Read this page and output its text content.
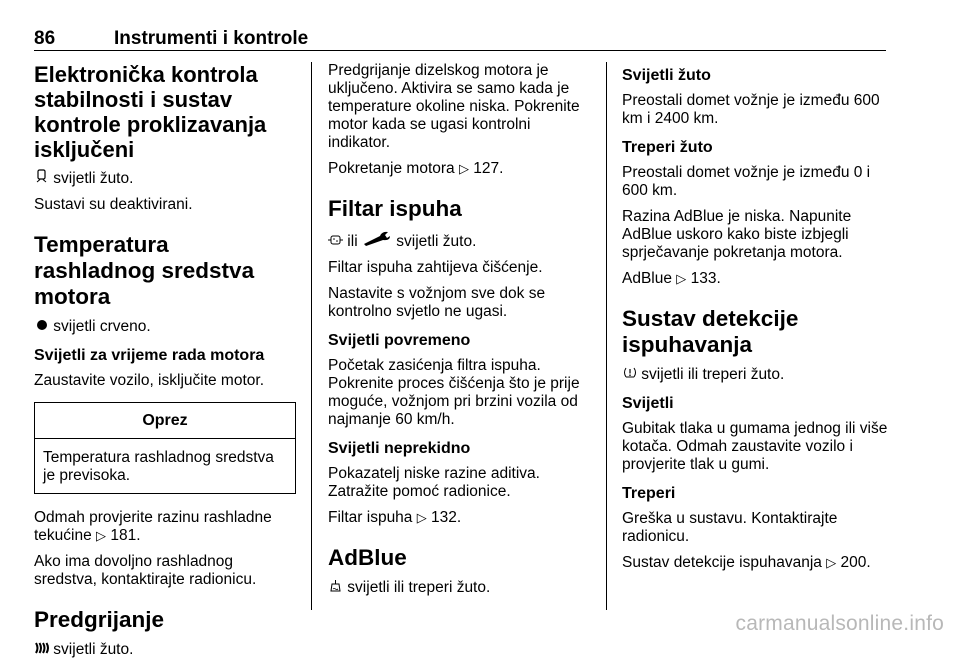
86	Instrumenti i kontrole
Elektronička kontrola stabilnosti i sustav kontrole proklizavanja isključeni

svijetli žuto.

Sustavi su deaktivirani.

Temperatura rashladnog sredstva motora

svijetli crveno.

Svijetli za vrijeme rada motora

Zaustavite vozilo, isključite motor.

Oprez
Temperatura rashladnog sredstva je previsoka.

Odmah provjerite razinu rashladne tekućine ▷ 181.

Ako ima dovoljno rashladnog sredstva, kontaktirajte radionicu.

Predgrijanje

svijetli žuto.

Predgrijanje dizelskog motora je uključeno. Aktivira se samo kada je temperature okoline niska. Pokrenite motor kada se ugasi kontrolni indikator.

Pokretanje motora ▷ 127.

Filtar ispuha

ili  svijetli žuto.

Filtar ispuha zahtijeva čišćenje.

Nastavite s vožnjom sve dok se kontrolno svjetlo ne ugasi.

Svijetli povremeno

Početak zasićenja filtra ispuha. Pokrenite proces čišćenja što je prije moguće, vožnjom pri brzini vozila od najmanje 60 km/h.

Svijetli neprekidno

Pokazatelj niske razine aditiva. Zatražite pomoć radionice.

Filtar ispuha ▷ 132.

AdBlue

svijetli ili treperi žuto.

Svijetli žuto

Preostali domet vožnje je između 600 km i 2400 km.

Treperi žuto

Preostali domet vožnje je između 0 i 600 km.

Razina AdBlue je niska. Napunite AdBlue uskoro kako biste izbjegli sprječavanje pokretanja motora.

AdBlue ▷ 133.

Sustav detekcije ispuhavanja

svijetli ili treperi žuto.

Svijetli

Gubitak tlaka u gumama jednog ili više kotača. Odmah zaustavite vozilo i provjerite tlak u gumi.

Treperi

Greška u sustavu. Kontaktirajte radionicu.

Sustav detekcije ispuhavanja ▷ 200.

carmanualsonline.info
